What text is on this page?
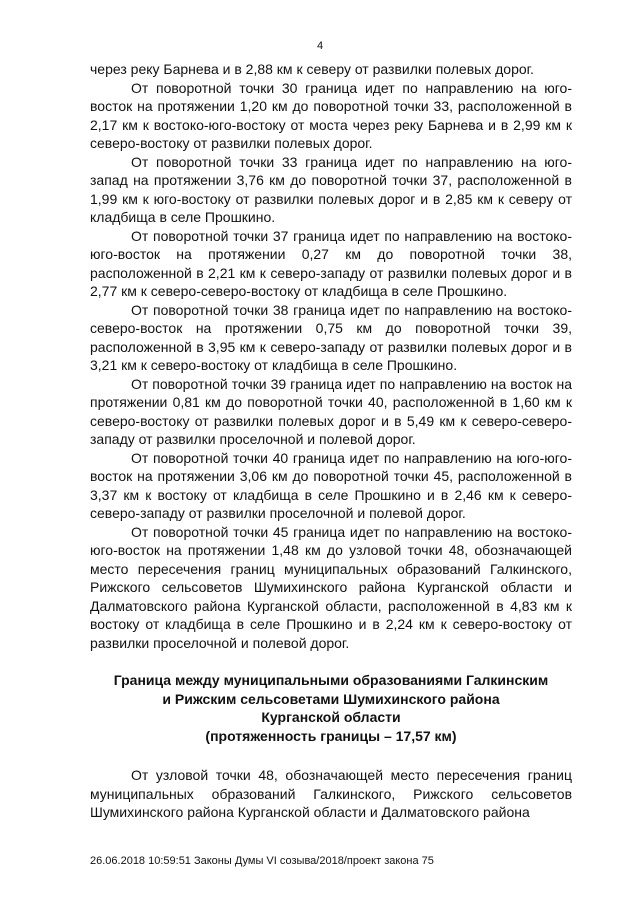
4

через реку Барнева и в 2,88 км к северу от развилки полевых дорог.

От поворотной точки 30 граница идет по направлению на юго-восток на протяжении 1,20 км до поворотной точки 33, расположенной в 2,17 км к востоко-юго-востоку от моста через реку Барнева и в 2,99 км к северо-востоку от развилки полевых дорог.

От поворотной точки 33 граница идет по направлению на юго-запад на протяжении 3,76 км до поворотной точки 37, расположенной в 1,99 км к юго-востоку от развилки полевых дорог и в 2,85 км к северу от кладбища в селе Прошкино.

От поворотной точки 37 граница идет по направлению на востоко-юго-восток на протяжении 0,27 км до поворотной точки 38, расположенной в 2,21 км к северо-западу от развилки полевых дорог и в 2,77 км к северо-северо-востоку от кладбища в селе Прошкино.

От поворотной точки 38 граница идет по направлению на востоко-северо-восток на протяжении 0,75 км до поворотной точки 39, расположенной в 3,95 км к северо-западу от развилки полевых дорог и в 3,21 км к северо-востоку от кладбища в селе Прошкино.

От поворотной точки 39 граница идет по направлению на восток на протяжении 0,81 км до поворотной точки 40, расположенной в 1,60 км к северо-востоку от развилки полевых дорог и в 5,49 км к северо-северо-западу от развилки проселочной и полевой дорог.

От поворотной точки 40 граница идет по направлению на юго-юго-восток на протяжении 3,06 км до поворотной точки 45, расположенной в 3,37 км к востоку от кладбища в селе Прошкино и в 2,46 км к северо-северо-западу от развилки проселочной и полевой дорог.

От поворотной точки 45 граница идет по направлению на востоко-юго-восток на протяжении 1,48 км до узловой точки 48, обозначающей место пересечения границ муниципальных образований Галкинского, Рижского сельсоветов Шумихинского района Курганской области и Далматовского района Курганской области, расположенной в 4,83 км к востоку от кладбища в селе Прошкино и в 2,24 км к северо-востоку от развилки проселочной и полевой дорог.

Граница между муниципальными образованиями Галкинским
и Рижским сельсоветами Шумихинского района
Курганской области
(протяженность границы – 17,57 км)

От узловой точки 48, обозначающей место пересечения границ муниципальных образований Галкинского, Рижского сельсоветов Шумихинского района Курганской области и Далматовского района

26.06.2018 10:59:51 Законы Думы VI созыва/2018/проект закона 75
